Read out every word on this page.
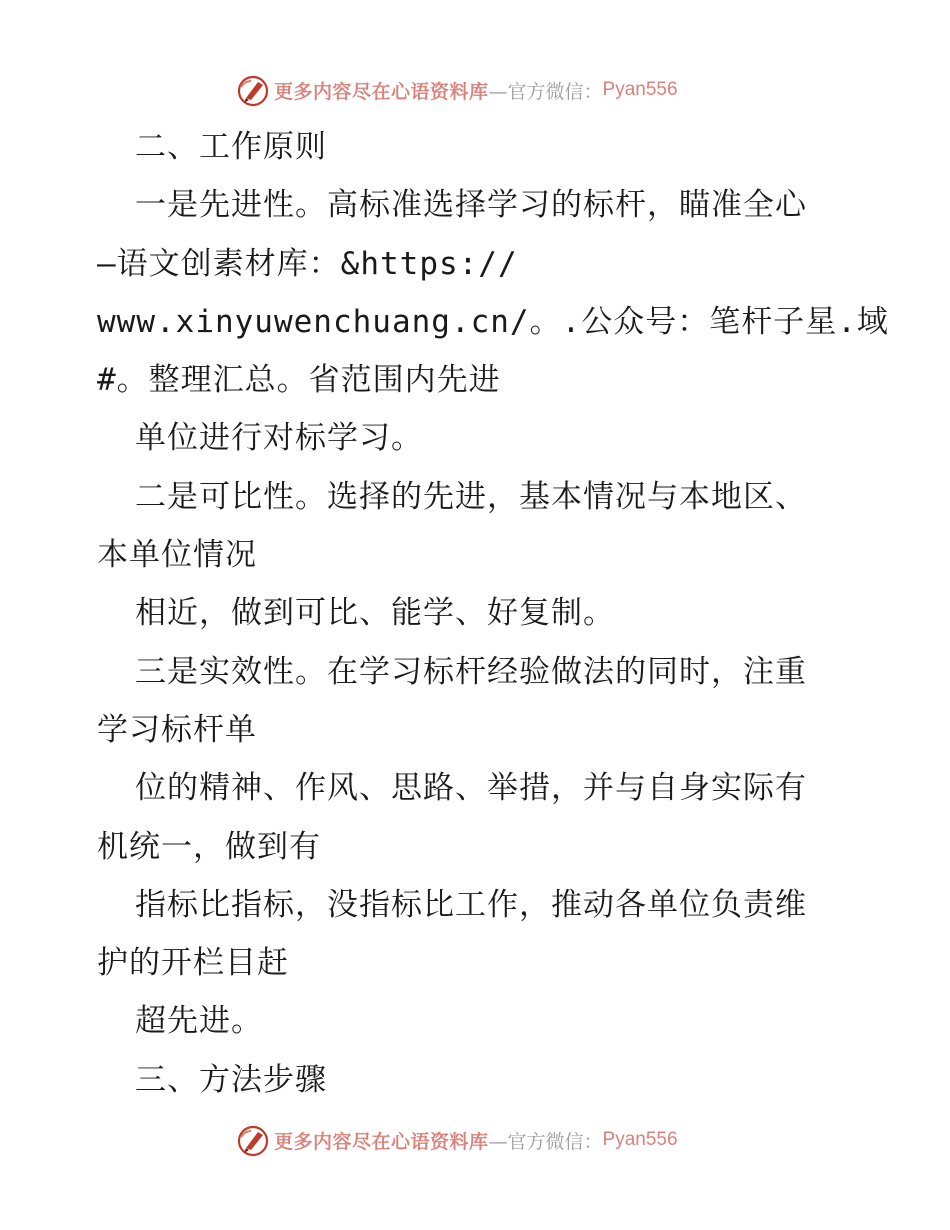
更多内容尽在心语资料库 —官方微信： Pyan556
二、工作原则
一是先进性。高标准选择学习的标杆，瞄准全心
—语文创素材库：&https://
www.xinyuwenchuang.cn/。.公众号：笔杆子星.域
#。整理汇总。省范围内先进
单位进行对标学习。
二是可比性。选择的先进，基本情况与本地区、
本单位情况
相近，做到可比、能学、好复制。
三是实效性。在学习标杆经验做法的同时，注重
学习标杆单
位的精神、作风、思路、举措，并与自身实际有
机统一，做到有
指标比指标，没指标比工作，推动各单位负责维
护的开栏目赶
超先进。
三、方法步骤
更多内容尽在心语资料库 —官方微信： Pyan556
